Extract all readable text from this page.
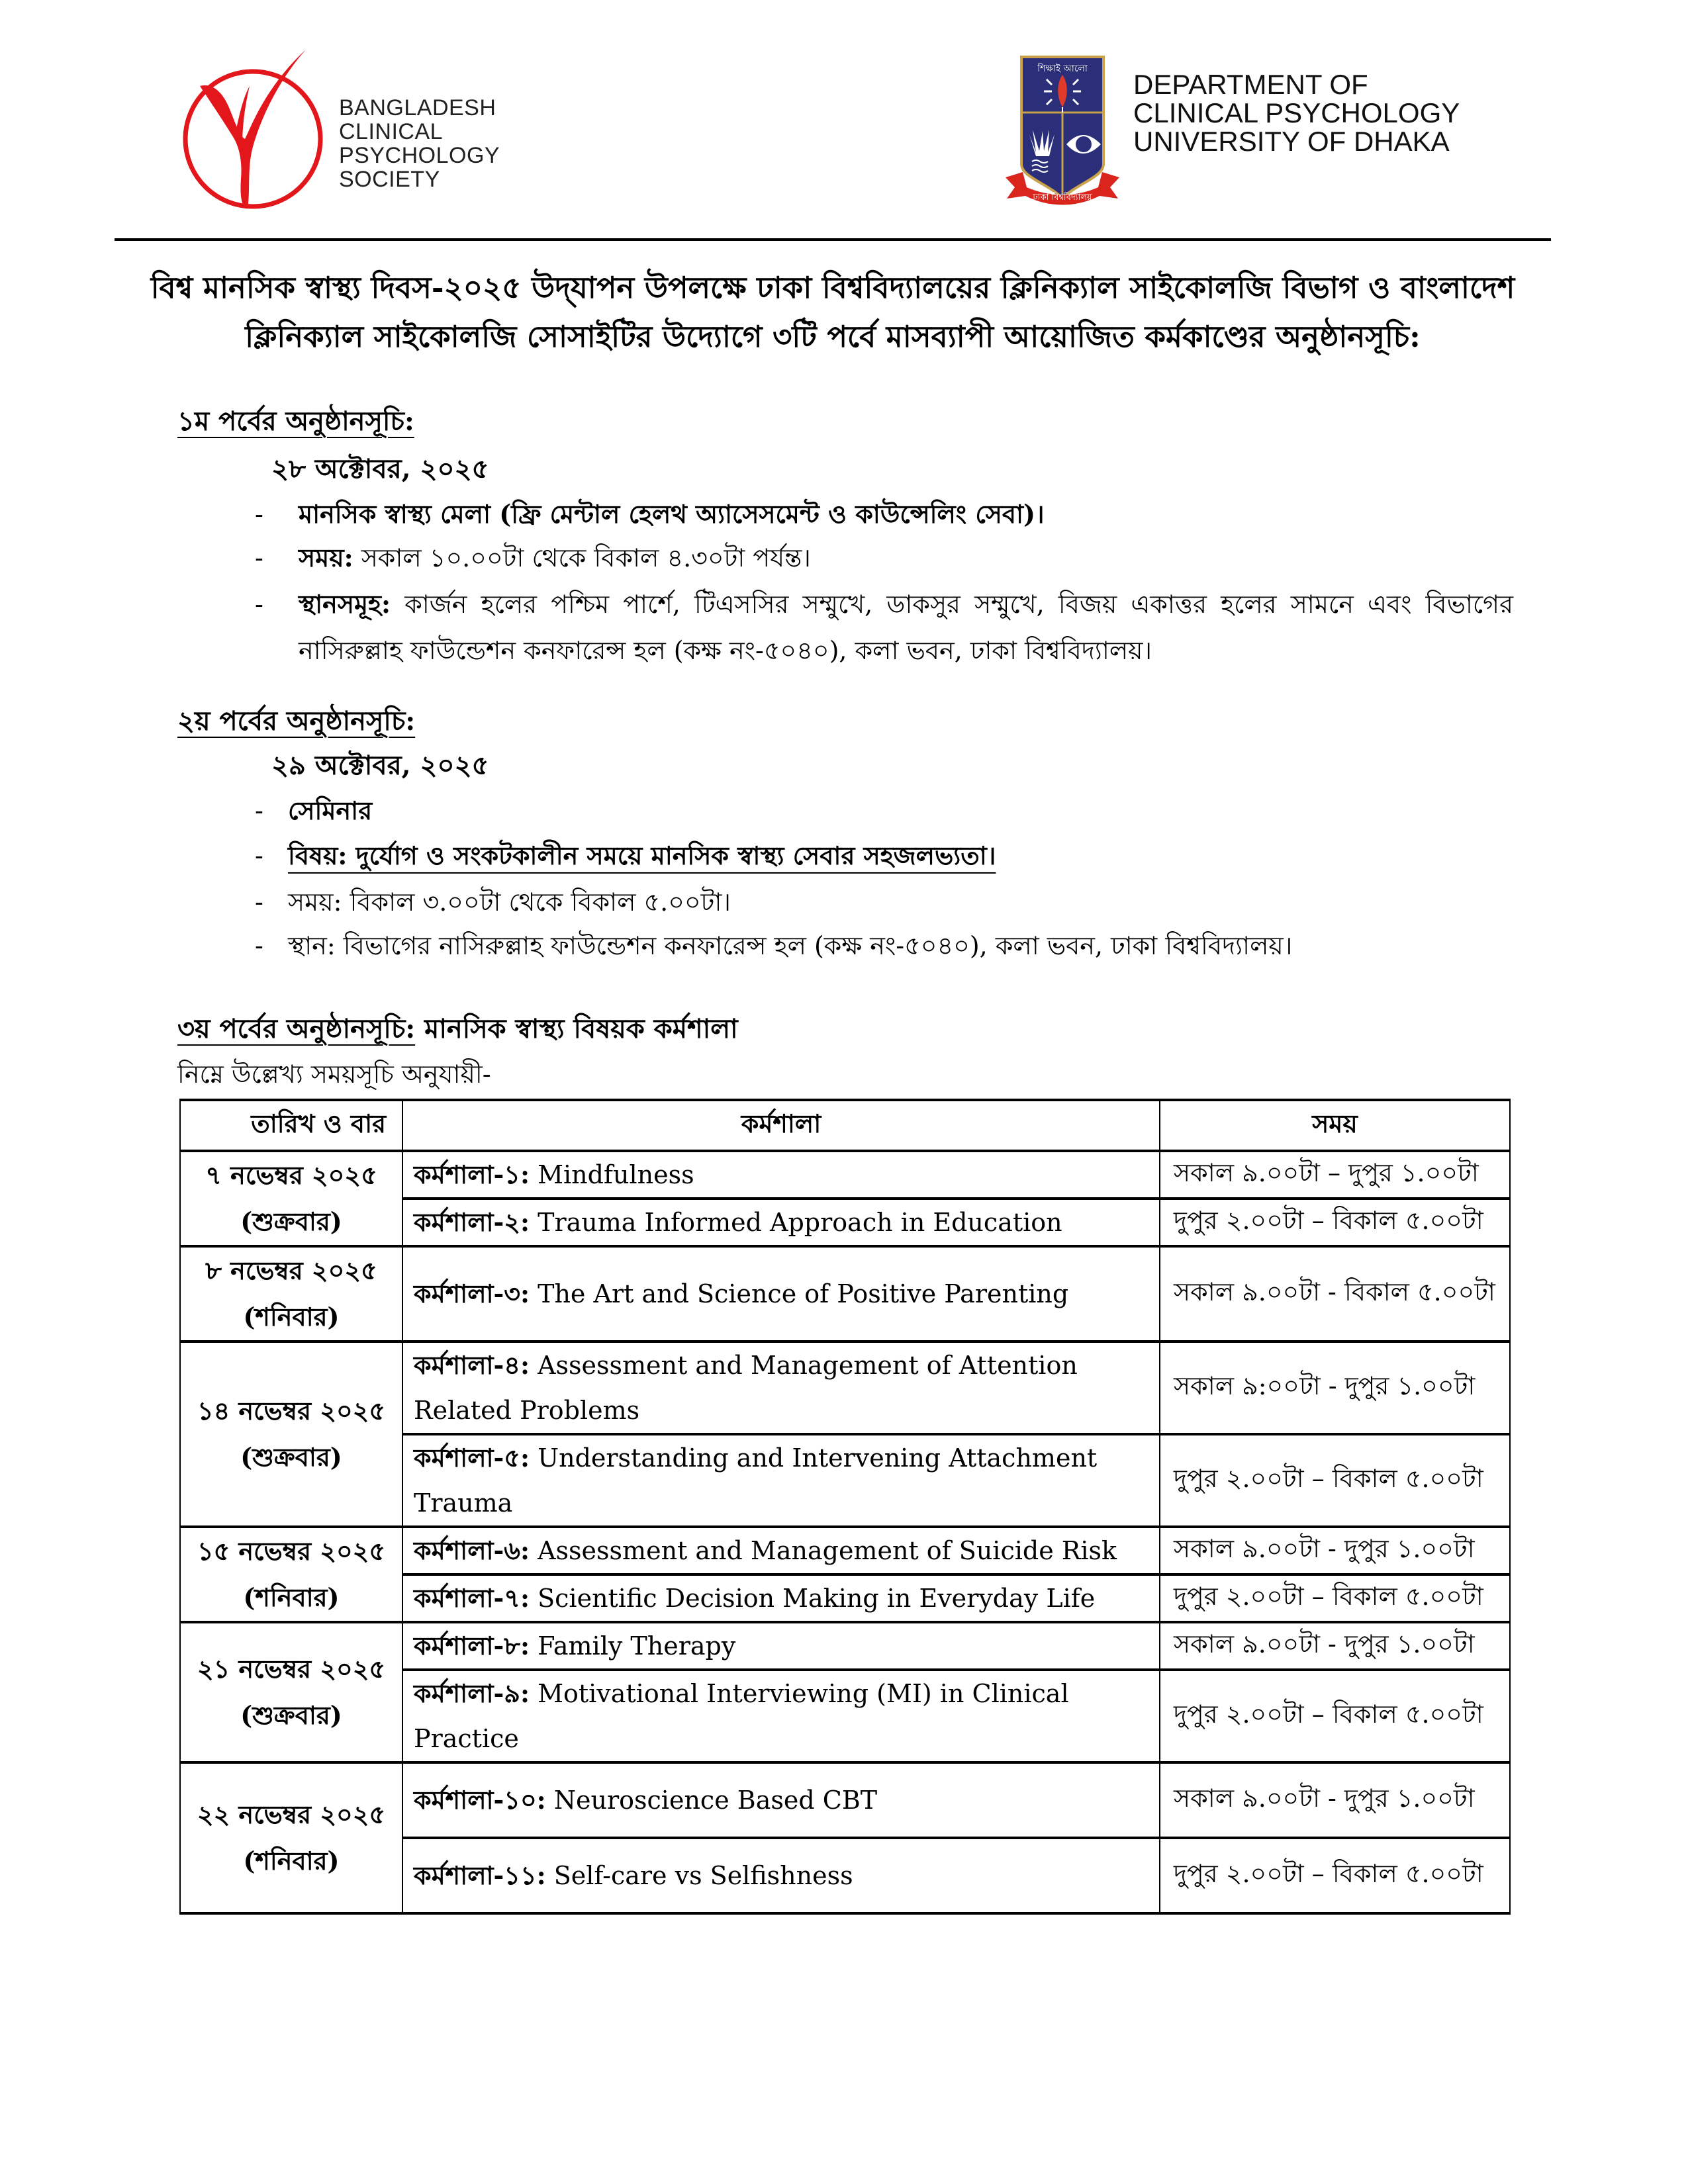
BANGLADESH
CLINICAL
PSYCHOLOGY
SOCIETY
শিক্ষাই আলো
ঢাকা বিশ্ববিদ্যালয়
DEPARTMENT OF
CLINICAL PSYCHOLOGY
UNIVERSITY OF DHAKA
বিশ্ব মানসিক স্বাস্থ্য দিবস-২০২৫ উদ্‌যাপন উপলক্ষে ঢাকা বিশ্ববিদ্যালয়ের ক্লিনিক্যাল সাইকোলজি বিভাগ ও বাংলাদেশ
ক্লিনিক্যাল সাইকোলজি সোসাইটির উদ্যোগে ৩টি পর্বে মাসব্যাপী আয়োজিত কর্মকাণ্ডের অনুষ্ঠানসূচি:
১ম পর্বের অনুষ্ঠানসূচি:
২৮ অক্টোবর, ২০২৫
- মানসিক স্বাস্থ্য মেলা (ফ্রি মেন্টাল হেলথ অ্যাসেসমেন্ট ও কাউন্সেলিং সেবা)।
- সময়: সকাল ১০.০০টা থেকে বিকাল ৪.৩০টা পর্যন্ত।
- স্থানসমূহ: কার্জন হলের পশ্চিম পার্শে, টিএসসির সম্মুখে, ডাকসুর সম্মুখে, বিজয় একাত্তর হলের সামনে এবং বিভাগের নাসিরুল্লাহ ফাউন্ডেশন কনফারেন্স হল (কক্ষ নং-৫০৪০), কলা ভবন, ঢাকা বিশ্ববিদ্যালয়।
২য় পর্বের অনুষ্ঠানসূচি:
২৯ অক্টোবর, ২০২৫
- সেমিনার
- বিষয়: দুর্যোগ ও সংকটকালীন সময়ে মানসিক স্বাস্থ্য সেবার সহজলভ্যতা।
- সময়: বিকাল ৩.০০টা থেকে বিকাল ৫.০০টা।
- স্থান: বিভাগের নাসিরুল্লাহ ফাউন্ডেশন কনফারেন্স হল (কক্ষ নং-৫০৪০), কলা ভবন, ঢাকা বিশ্ববিদ্যালয়।
৩য় পর্বের অনুষ্ঠানসূচি: মানসিক স্বাস্থ্য বিষয়ক কর্মশালা
নিম্নে উল্লেখ্য সময়সূচি অনুযায়ী-
তারিখ ও বার	কর্মশালা	সময়

৭ নভেম্বর ২০২৫
(শুক্রবার)	কর্মশালা-১: Mindfulness	সকাল ৯.০০টা – দুপুর ১.০০টা
	কর্মশালা-২: Trauma Informed Approach in Education	দুপুর ২.০০টা – বিকাল ৫.০০টা

৮ নভেম্বর ২০২৫
(শনিবার)	কর্মশালা-৩: The Art and Science of Positive Parenting	সকাল ৯.০০টা - বিকাল ৫.০০টা

১৪ নভেম্বর ২০২৫
(শুক্রবার)	কর্মশালা-৪: Assessment and Management of Attention Related Problems	সকাল ৯:০০টা - দুপুর ১.০০টা
	কর্মশালা-৫: Understanding and Intervening Attachment Trauma	দুপুর ২.০০টা – বিকাল ৫.০০টা

১৫ নভেম্বর ২০২৫
(শনিবার)	কর্মশালা-৬: Assessment and Management of Suicide Risk	সকাল ৯.০০টা - দুপুর ১.০০টা
	কর্মশালা-৭: Scientific Decision Making in Everyday Life	দুপুর ২.০০টা – বিকাল ৫.০০টা

২১ নভেম্বর ২০২৫
(শুক্রবার)	কর্মশালা-৮: Family Therapy	সকাল ৯.০০টা - দুপুর ১.০০টা
	কর্মশালা-৯: Motivational Interviewing (MI) in Clinical Practice	দুপুর ২.০০টা – বিকাল ৫.০০টা

২২ নভেম্বর ২০২৫
(শনিবার)	কর্মশালা-১০: Neuroscience Based CBT	সকাল ৯.০০টা - দুপুর ১.০০টা
	কর্মশালা-১১: Self-care vs Selfishness	দুপুর ২.০০টা – বিকাল ৫.০০টা
